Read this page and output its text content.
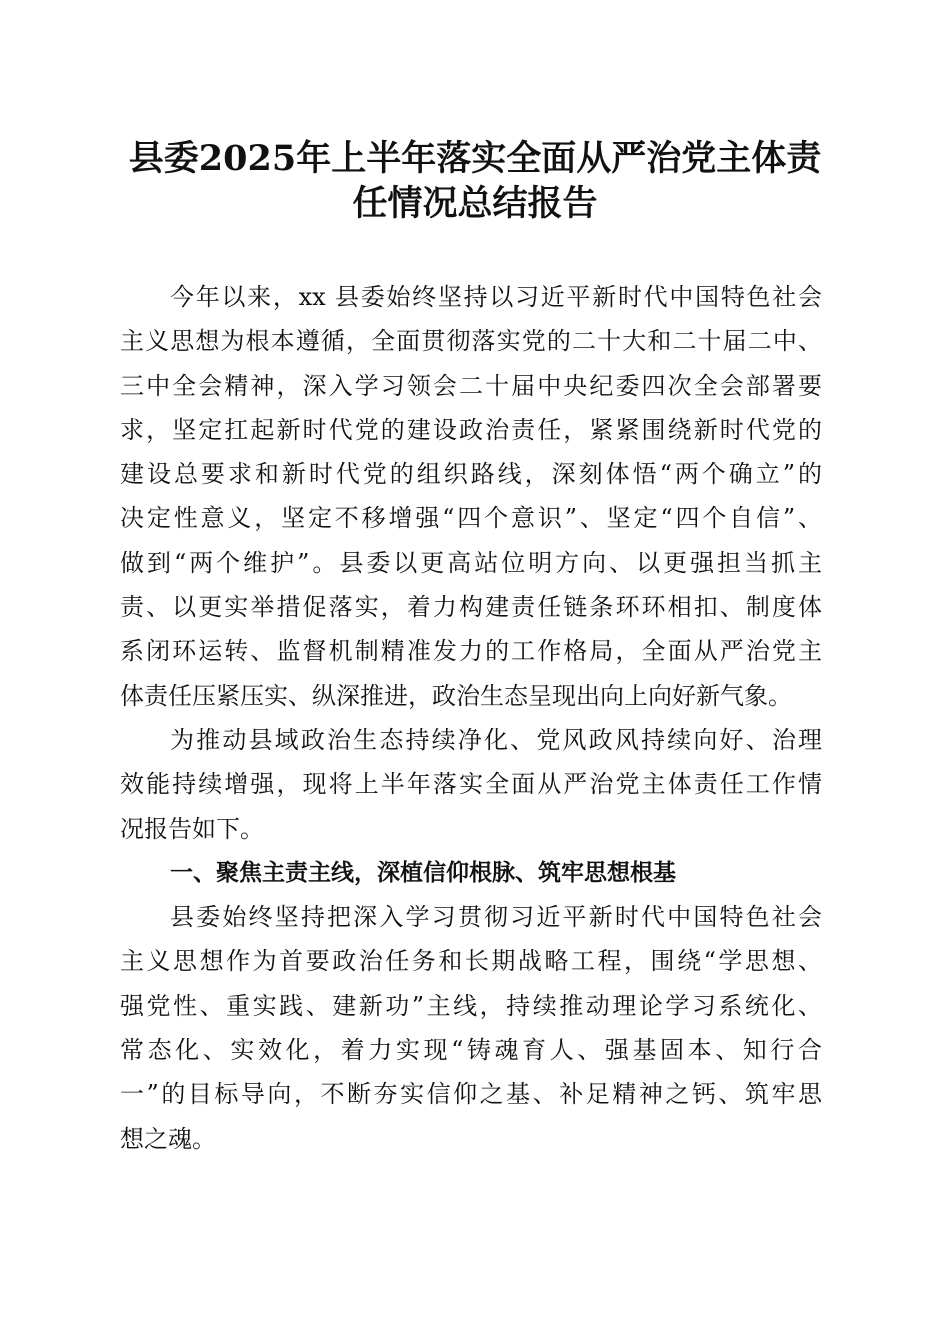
县委2025年上半年落实全面从严治党主体责
任情况总结报告
今年以来，xx 县委始终坚持以习近平新时代中国特色社会
主义思想为根本遵循，全面贯彻落实党的二十大和二十届二中、
三中全会精神，深入学习领会二十届中央纪委四次全会部署要
求，坚定扛起新时代党的建设政治责任，紧紧围绕新时代党的
建设总要求和新时代党的组织路线，深刻体悟“两个确立”的
决定性意义，坚定不移增强“四个意识”、坚定“四个自信”、
做到“两个维护”。县委以更高站位明方向、以更强担当抓主
责、以更实举措促落实，着力构建责任链条环环相扣、制度体
系闭环运转、监督机制精准发力的工作格局，全面从严治党主
体责任压紧压实、纵深推进，政治生态呈现出向上向好新气象。
为推动县域政治生态持续净化、党风政风持续向好、治理
效能持续增强，现将上半年落实全面从严治党主体责任工作情
况报告如下。
一、聚焦主责主线，深植信仰根脉、筑牢思想根基
县委始终坚持把深入学习贯彻习近平新时代中国特色社会
主义思想作为首要政治任务和长期战略工程，围绕“学思想、
强党性、重实践、建新功”主线，持续推动理论学习系统化、
常态化、实效化，着力实现“铸魂育人、强基固本、知行合
一”的目标导向，不断夯实信仰之基、补足精神之钙、筑牢思
想之魂。
